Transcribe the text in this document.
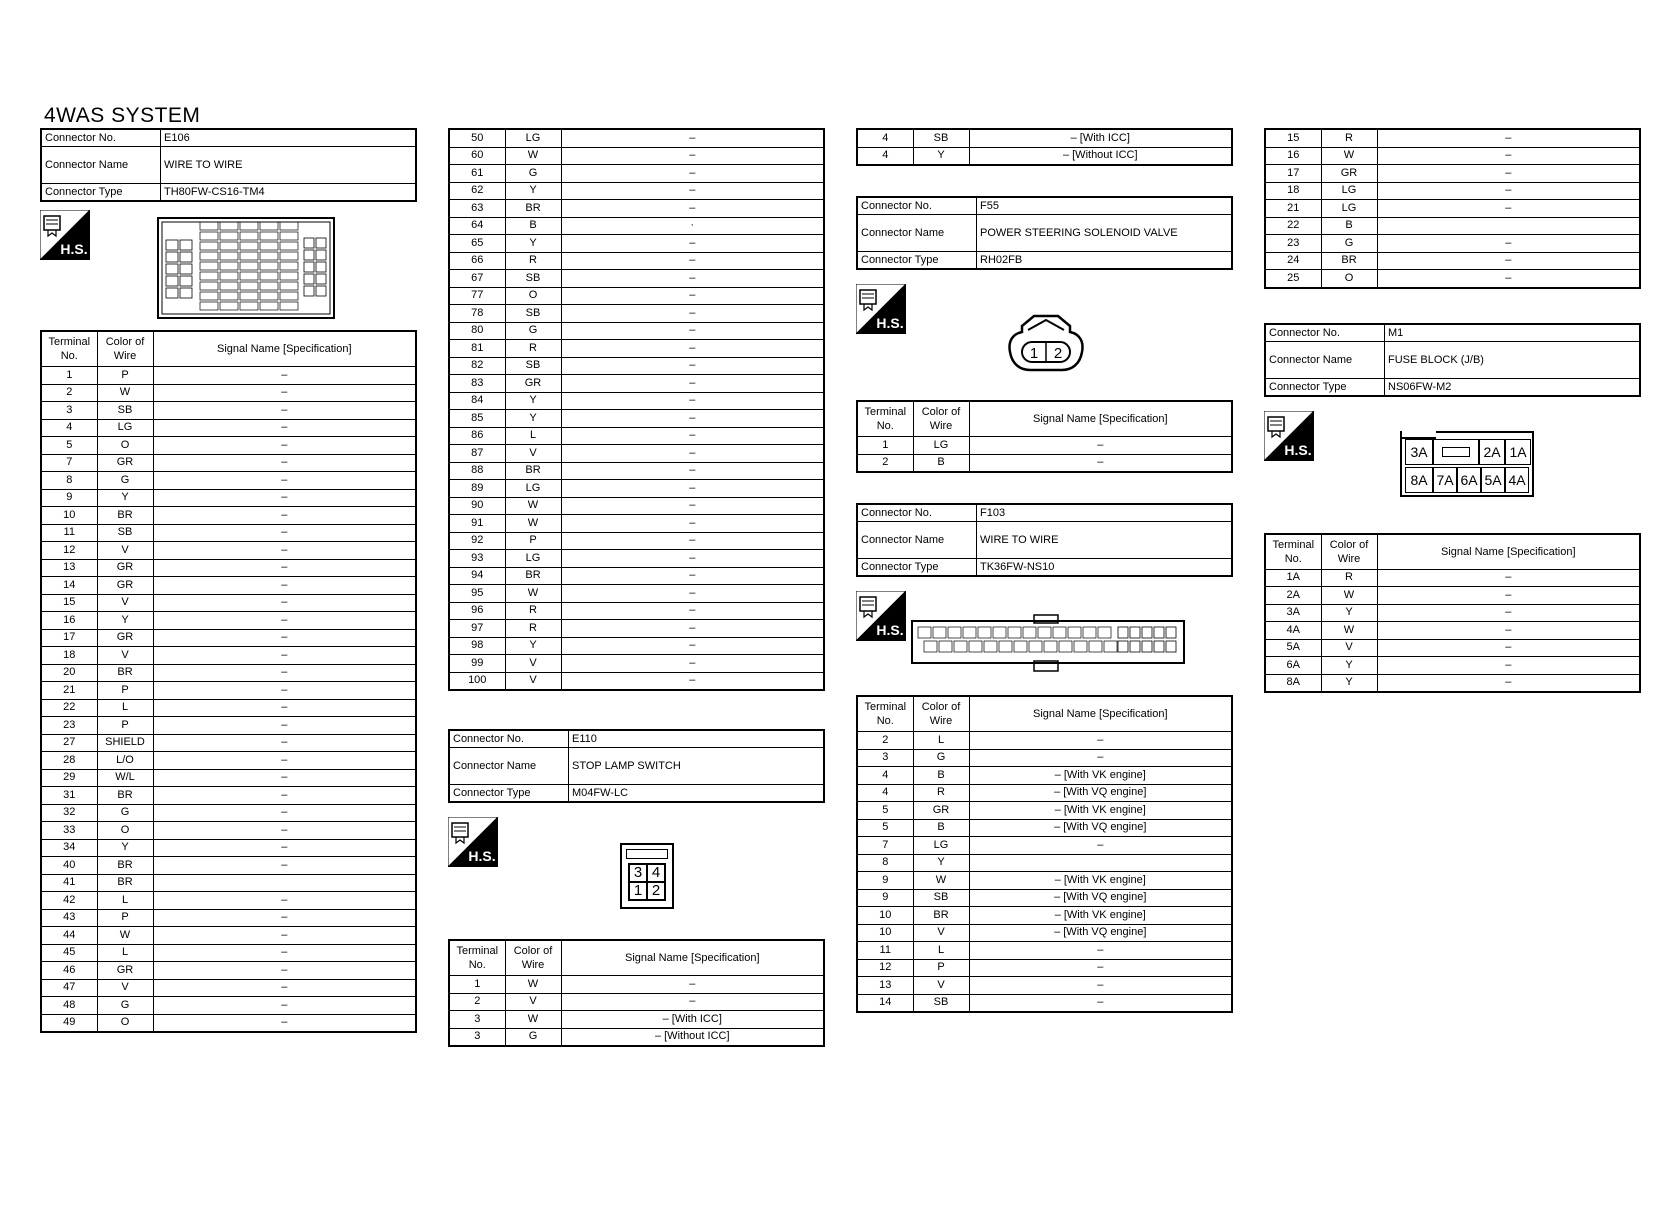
4WAS SYSTEM
Connector No.	E106
Connector Name	WIRE TO WIRE
Connector Type	TH80FW-CS16-TM4
H.S.
Terminal No.	Color of Wire	Signal Name [Specification]
1	P	–
2	W	–
3	SB	–
4	LG	–
5	O	–
7	GR	–
8	G	–
9	Y	–
10	BR	–
11	SB	–
12	V	–
13	GR	–
14	GR	–
15	V	–
16	Y	–
17	GR	–
18	V	–
20	BR	–
21	P	–
22	L	–
23	P	–
27	SHIELD	–
28	L/O	–
29	W/L	–
31	BR	–
32	G	–
33	O	–
34	Y	–
40	BR	–
41	BR	
42	L	–
43	P	–
44	W	–
45	L	–
46	GR	–
47	V	–
48	G	–
49	O	–
50	LG	–
60	W	–
61	G	–
62	Y	–
63	BR	–
64	B	·
65	Y	–
66	R	–
67	SB	–
77	O	–
78	SB	–
80	G	–
81	R	–
82	SB	–
83	GR	–
84	Y	–
85	Y	–
86	L	–
87	V	–
88	BR	–
89	LG	–
90	W	–
91	W	–
92	P	–
93	LG	–
94	BR	–
95	W	–
96	R	–
97	R	–
98	Y	–
99	V	–
100	V	–
Connector No.	E110
Connector Name	STOP LAMP SWITCH
Connector Type	M04FW-LC
H.S.
3 4
1 2
Terminal No.	Color of Wire	Signal Name [Specification]
1	W	–
2	V	–
3	W	– [With ICC]
3	G	– [Without ICC]
4	SB	– [With ICC]
4	Y	– [Without ICC]
Connector No.	F55
Connector Name	POWER STEERING SOLENOID VALVE
Connector Type	RH02FB
H.S.
1 2
Terminal No.	Color of Wire	Signal Name [Specification]
1	LG	–
2	B	–
Connector No.	F103
Connector Name	WIRE TO WIRE
Connector Type	TK36FW-NS10
H.S.
Terminal No.	Color of Wire	Signal Name [Specification]
2	L	–
3	G	–
4	B	– [With VK engine]
4	R	– [With VQ engine]
5	GR	– [With VK engine]
5	B	– [With VQ engine]
7	LG	–
8	Y	
9	W	– [With VK engine]
9	SB	– [With VQ engine]
10	BR	– [With VK engine]
10	V	– [With VQ engine]
11	L	–
12	P	–
13	V	–
14	SB	–
15	R	–
16	W	–
17	GR	–
18	LG	–
21	LG	–
22	B	
23	G	–
24	BR	–
25	O	–
Connector No.	M1
Connector Name	FUSE BLOCK (J/B)
Connector Type	NS06FW-M2
H.S.	3A	2A 1A
8A 7A 6A 5A 4A
Terminal No.	Color of Wire	Signal Name [Specification]
1A	R	–
2A	W	–
3A	Y	–
4A	W	–
5A	V	–
6A	Y	–
8A	Y	–
